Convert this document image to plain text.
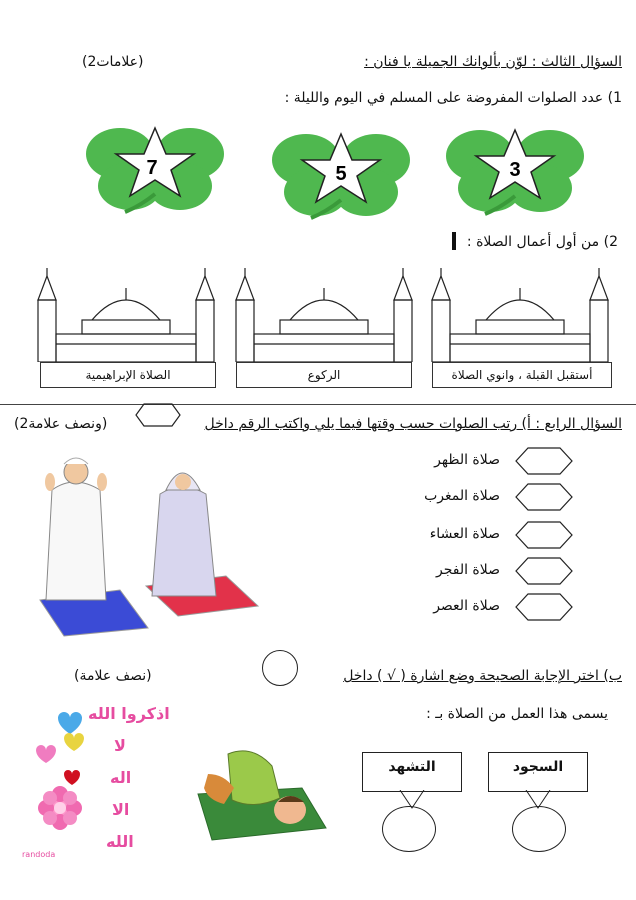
السؤال الثالث : لوّن بألوانك الجميلة يا فنان :
(2علامات)
1) عدد الصلوات المفروضة على المسلم في اليوم والليلة :
7	5	3
2) من أول أعمال الصلاة :
الصلاة الإبراهيمية	الركوع	أستقبل القبلة ، وانوي الصلاة
السؤال الرابع : أ) رتب الصلوات حسب وقتها فيما يلي واكتب الرقم داخل
(2ونصف علامة)
صلاة الظهر
صلاة المغرب
صلاة العشاء
صلاة الفجر
صلاة العصر
ب) اختر الإجابة الصحيحة وضع اشارة ( √ ) داخل
(نصف علامة)
يسمى هذا العمل من الصلاة بـ :
اذكروا الله
لا
اله
الا
الله
randoda
التشهد	السجود
